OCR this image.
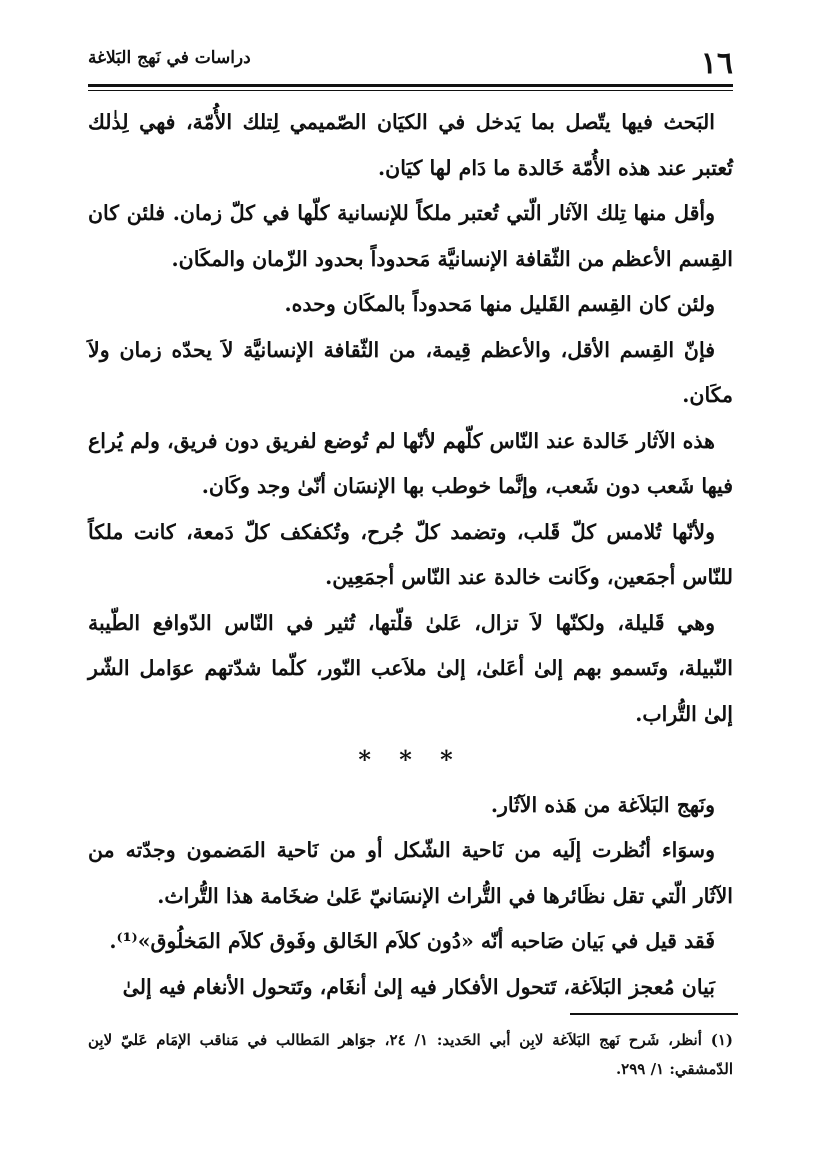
١٦
دراسات في نَهج البَلاغة

البَحث فيها يتّصل بما يَدخل في الكيَان الصّميمي لِتلك الأُمّة، فهي لِذٰلك تُعتبر عند هذه الأُمّة خَالدة ما دَام لها كيَان.

وأقل منها تِلك الآثار الّتي تُعتبر ملكاً للإنسانية كلّها في كلّ زمان. فلئن كان القِسم الأعظم من الثّقافة الإنسانيَّة مَحدوداً بحدود الزّمان والمكَان.

ولئن كان القِسم القَليل منها مَحدوداً بالمكَان وحده.

فإنّ القِسم الأقل، والأعظم قِيمة، من الثّقافة الإنسانيَّة لاَ يحدّه زمان ولاَ مكَان.

هذه الآثار خَالدة عند النّاس كلّهم لأنّها لم تُوضع لفريق دون فريق، ولم يُراع فيها شَعب دون شَعب، وإنَّما خوطب بها الإنسَان أنّىٰ وجد وكَان.

ولأنّها تُلامس كلّ قَلب، وتضمد كلّ جُرح، وتُكفكف كلّ دَمعة، كانت ملكاً للنّاس أجمَعين، وكَانت خالدة عند النّاس أجمَعِين.

وهي قَليلة، ولكنّها لاَ تزال، عَلىٰ قلّتها، تُثير في النّاس الدّوافع الطّيبة النّبيلة، وتَسمو بهم إلىٰ أعَلىٰ، إلىٰ ملاَعب النّور، كلّما شدّتهم عوَامل الشّر إلىٰ التُّراب.

* * *

ونَهج البَلاَغة من هَذه الآثَار.

وسوَاء أنُظرت إلَيه من نَاحية الشّكل أو من نَاحية المَضمون وجدّته من الآثَار الّتي تقل نظَائرها في التُّراث الإنسَانيّ عَلىٰ ضخَامة هذا التُّراث.

فَقد قيل في بَيان صَاحبه أنّه «دُون كلاَم الخَالق وفَوق كلاَم المَخلُوق»⁽¹⁾.

بَيان مُعجز البَلاَغة، تَتحول الأفكار فيه إلىٰ أنغَام، وتَتحول الأنغام فيه إلىٰ

(١) أنظر، شَرح نَهج البَلاَغة لابِن أبي الحَديد: ١/ ٢٤، جوَاهر المَطالب في مَناقب الإمَام عَليّ لابِن الدّمشقي: ١/ ٢٩٩.
